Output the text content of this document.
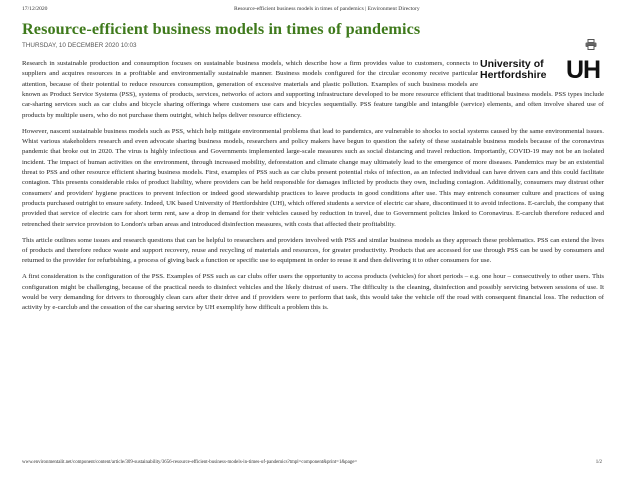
17/12/2020	Resource-efficient business models in times of pandemics | Environment Directory
Resource-efficient business models in times of pandemics
THURSDAY, 10 DECEMBER 2020 10:03
University of
Hertfordshire UH

Research in sustainable production and consumption focuses on sustainable business models, which describe how a firm provides value to customers, connects to suppliers and acquires resources in a profitable and environmentally sustainable manner. Business models configured for the circular economy receive particular attention, because of their potential to reduce resources consumption, generation of excessive materials and plastic pollution. Examples of such business models are known as Product Service Systems (PSS), systems of products, services, networks of actors and supporting infrastructure developed to be more resource efficient that traditional business models. PSS types include car-sharing services such as car clubs and bicycle sharing offerings where customers use cars and bicycles sequentially. PSS feature tangible and intangible (service) elements, and often involve shared use of products by multiple users, who do not purchase them outright, which helps deliver resource efficiency.

However, nascent sustainable business models such as PSS, which help mitigate environmental problems that lead to pandemics, are vulnerable to shocks to social systems caused by the same environmental issues. Whist various stakeholders research and even advocate sharing business models, researchers and policy makers have begun to question the safety of these sustainable business models because of the coronavirus pandemic that broke out in 2020. The virus is highly infectious and Governments implemented large-scale measures such as social distancing and travel reduction. Importantly, COVID-19 may not be an isolated incident. The impact of human activities on the environment, through increased mobility, deforestation and climate change may ultimately lead to the emergence of more diseases. Pandemics may be an existential threat to PSS and other resource efficient sharing business models. First, examples of PSS such as car clubs present potential risks of infection, as an infected individual can have driven cars and this could facilitate contagion. This presents considerable risks of product liability, where providers can be held responsible for damages inflicted by products they own, including contagion. Additionally, consumers may distrust other consumers' and providers' hygiene practices to prevent infection or indeed good stewardship practices to leave products in good conditions after use. This may entrench consumer culture and practices of using products purchased outright to ensure safety. Indeed, UK based University of Hertfordshire (UH), which offered students a service of electric car share, discontinued it to avoid infections. E-carclub, the company that provided that service of electric cars for short term rent, saw a drop in demand for their vehicles caused by reduction in travel, due to Government policies linked to Coronavirus. E-carclub therefore reduced and retrenched their service provision to London's urban areas and introduced disinfection measures, with costs that affected their profitability.

This article outlines some issues and research questions that can be helpful to researchers and providers involved with PSS and similar business models as they approach these problematics. PSS can extend the lives of products and therefore reduce waste and support recovery, reuse and recycling of materials and resources, for greater productivity. Products that are accessed for use through PSS can be used by consumers and returned to the provider for refurbishing, a process of giving back a function or specific use to equipment in order to reuse it and then delivering it to other consumers for use.

A first consideration is the configuration of the PSS. Examples of PSS such as car clubs offer users the opportunity to access products (vehicles) for short periods – e.g. one hour – consecutively to other users. This configuration might be challenging, because of the practical needs to disinfect vehicles and the likely distrust of users. The difficulty is the cleaning, disinfection and possibly servicing between sessions of use. It would be very demanding for drivers to thoroughly clean cars after their drive and if providers were to perform that task, this would take the vehicle off the road with consequent financial loss. The reduction of activity by e-carclub and the cessation of the car sharing service by UH exemplify how difficult a problem this is.

www.environmentalit.net/component/content/article/309-sustainability/3656-resource-efficient-business-models-in-times-of-pandemics?tmpl=component&print=1&page=	1/2
